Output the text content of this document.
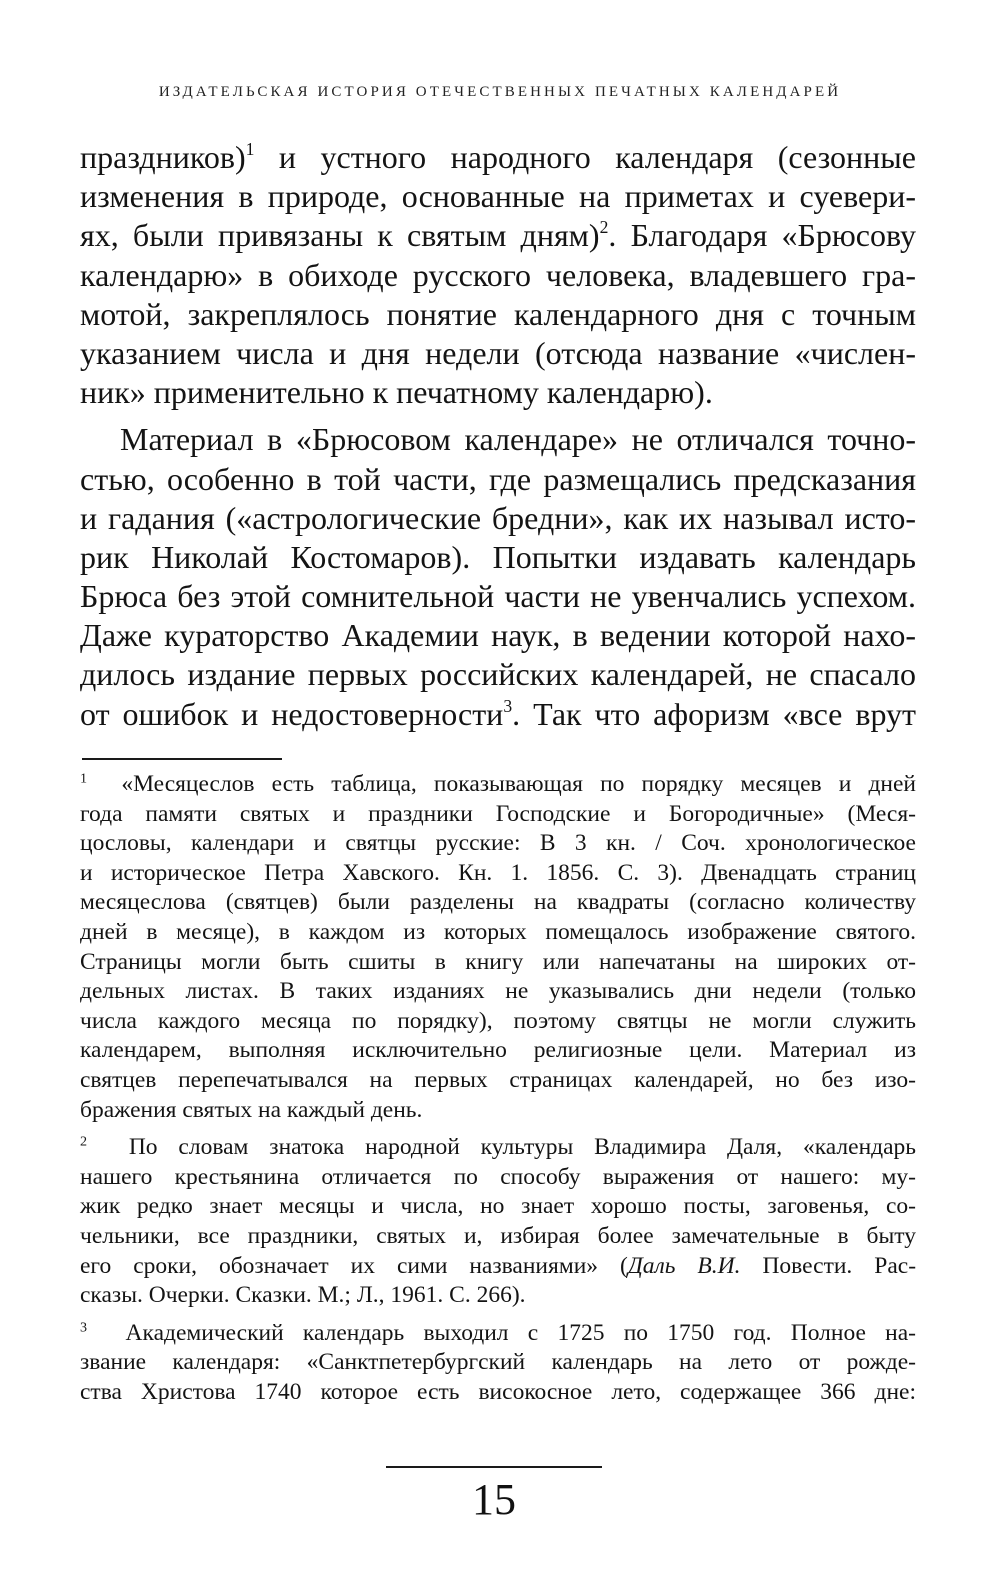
ИЗДАТЕЛЬСКАЯ ИСТОРИЯ ОТЕЧЕСТВЕННЫХ ПЕЧАТНЫХ КАЛЕНДАРЕЙ

праздников)$^1$ и устного народного календаря (сезонные
изменения в природе, основанные на приметах и суевери-
ях, были привязаны к святым дням)$^2$. Благодаря «Брюсову
календарю» в обиходе русского человека, владевшего гра-
мотой, закреплялось понятие календарного дня с точным
указанием числа и дня недели (отсюда название «числен-
ник» применительно к печатному календарю).

Материал в «Брюсовом календаре» не отличался точно-
стью, особенно в той части, где размещались предсказания
и гадания («астрологические бредни», как их называл исто-
рик Николай Костомаров). Попытки издавать календарь
Брюса без этой сомнительной части не увенчались успехом.
Даже кураторство Академии наук, в ведении которой нахо-
дилось издание первых российских календарей, не спасало
от ошибок и недостоверности$^3$. Так что афоризм «все врут

$^1$ «Месяцеслов есть таблица, показывающая по порядку месяцев и дней
года памяти святых и праздники Господские и Богородичные» (Меся-
цословы, календари и святцы русские: В 3 кн. / Соч. хронологическое
и историческое Петра Хавского. Кн. 1. 1856. С. 3). Двенадцать страниц
месяцеслова (святцев) были разделены на квадраты (согласно количеству
дней в месяце), в каждом из которых помещалось изображение святого.
Страницы могли быть сшиты в книгу или напечатаны на широких от-
дельных листах. В таких изданиях не указывались дни недели (только
числа каждого месяца по порядку), поэтому святцы не могли служить
календарем, выполняя исключительно религиозные цели. Материал из
святцев перепечатывался на первых страницах календарей, но без изо-
бражения святых на каждый день.
$^2$ По словам знатока народной культуры Владимира Даля, «календарь
нашего крестьянина отличается по способу выражения от нашего: му-
жик редко знает месяцы и числа, но знает хорошо посты, заговенья, со-
чельники, все праздники, святых и, избирая более замечательные в быту
его сроки, обозначает их сими названиями» (Даль В.И. Повести. Рас-
сказы. Очерки. Сказки. М.; Л., 1961. С. 266).
$^3$ Академический календарь выходил с 1725 по 1750 год. Полное на-
звание календаря: «Санктпетербургский календарь на лето от рожде-
ства Христова 1740 которое есть високосное лето, содержащее 366 дне:
15
